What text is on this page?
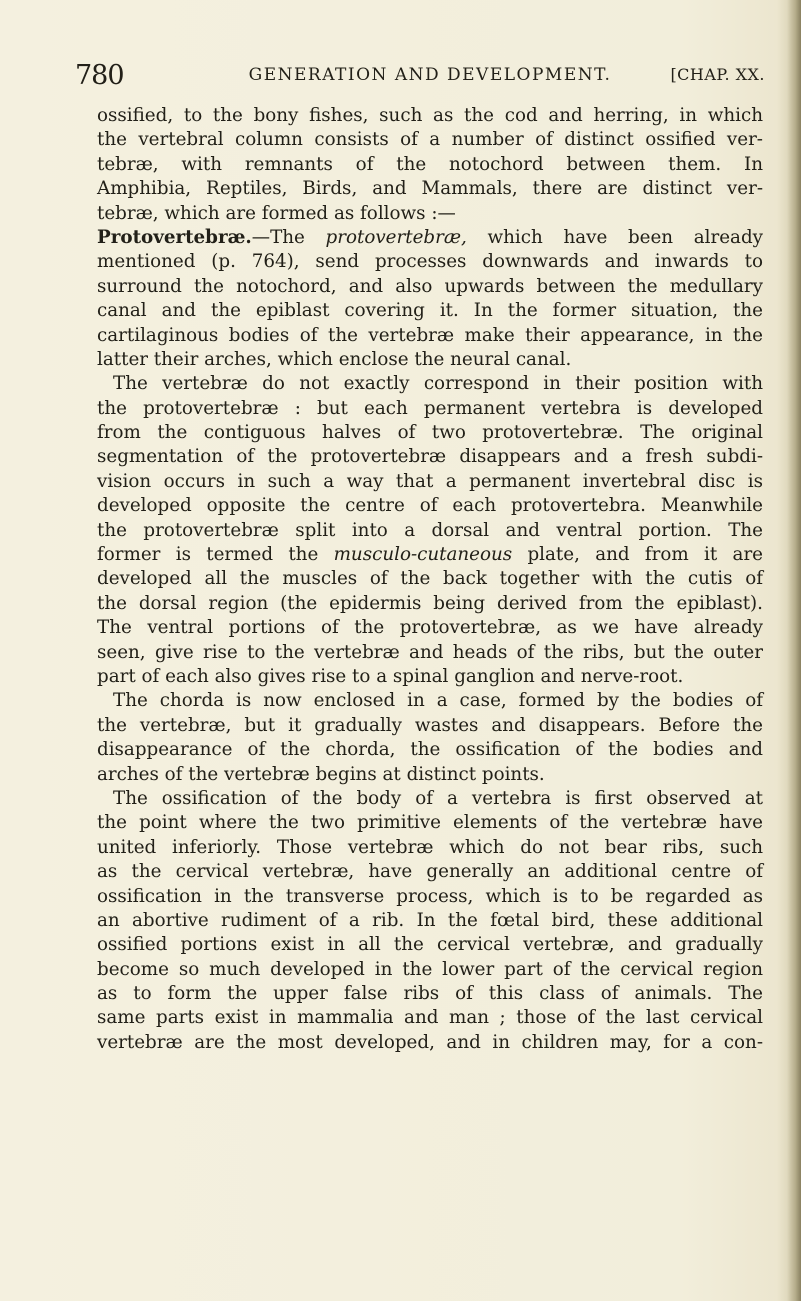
780	GENERATION AND DEVELOPMENT.	[CHAP. XX.
ossified, to the bony fishes, such as the cod and herring, in which
the vertebral column consists of a number of distinct ossified ver-
tebræ, with remnants of the notochord between them. In
Amphibia, Reptiles, Birds, and Mammals, there are distinct ver-
tebræ, which are formed as follows :—
Protovertebræ.—The protovertebræ, which have been already
mentioned (p. 764), send processes downwards and inwards to
surround the notochord, and also upwards between the medullary
canal and the epiblast covering it. In the former situation, the
cartilaginous bodies of the vertebræ make their appearance, in the
latter their arches, which enclose the neural canal.
The vertebræ do not exactly correspond in their position with
the protovertebræ : but each permanent vertebra is developed
from the contiguous halves of two protovertebræ. The original
segmentation of the protovertebræ disappears and a fresh subdi-
vision occurs in such a way that a permanent invertebral disc is
developed opposite the centre of each protovertebra. Meanwhile
the protovertebræ split into a dorsal and ventral portion. The
former is termed the musculo-cutaneous plate, and from it are
developed all the muscles of the back together with the cutis of
the dorsal region (the epidermis being derived from the epiblast).
The ventral portions of the protovertebræ, as we have already
seen, give rise to the vertebræ and heads of the ribs, but the outer
part of each also gives rise to a spinal ganglion and nerve-root.
The chorda is now enclosed in a case, formed by the bodies of
the vertebræ, but it gradually wastes and disappears. Before the
disappearance of the chorda, the ossification of the bodies and
arches of the vertebræ begins at distinct points.
The ossification of the body of a vertebra is first observed at
the point where the two primitive elements of the vertebræ have
united inferiorly. Those vertebræ which do not bear ribs, such
as the cervical vertebræ, have generally an additional centre of
ossification in the transverse process, which is to be regarded as
an abortive rudiment of a rib. In the fœtal bird, these additional
ossified portions exist in all the cervical vertebræ, and gradually
become so much developed in the lower part of the cervical region
as to form the upper false ribs of this class of animals. The
same parts exist in mammalia and man ; those of the last cervical
vertebræ are the most developed, and in children may, for a con-
